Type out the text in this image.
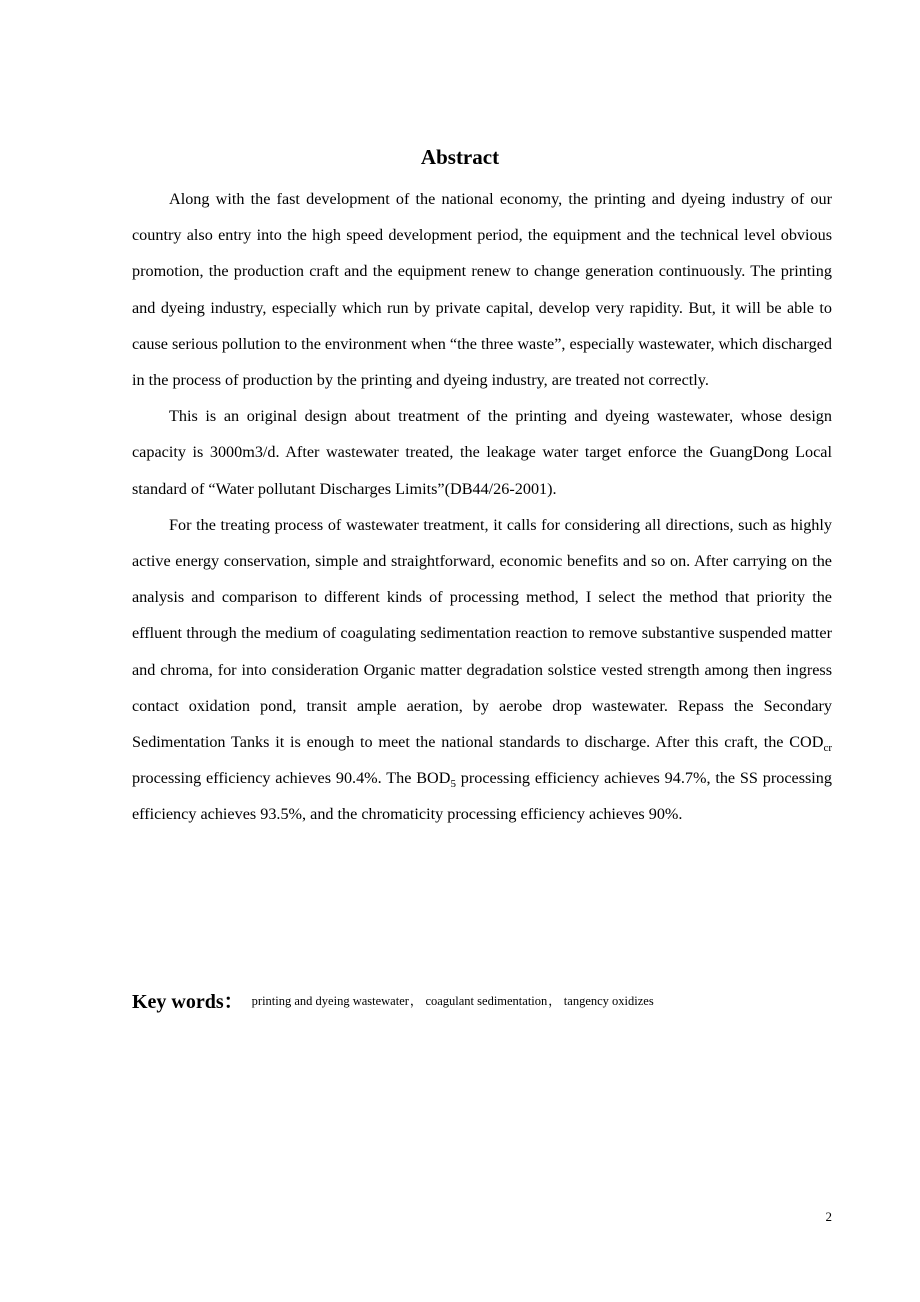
Abstract

Along with the fast development of the national economy, the printing and dyeing industry of our country also entry into the high speed development period, the equipment and the technical level obvious promotion, the production craft and the equipment renew to change generation continuously. The printing and dyeing industry, especially which run by private capital, develop very rapidity. But, it will be able to cause serious pollution to the environment when “the three waste”, especially wastewater, which discharged in the process of production by the printing and dyeing industry, are treated not correctly.

This is an original design about treatment of the printing and dyeing wastewater, whose design capacity is 3000m3/d. After wastewater treated, the leakage water target enforce the GuangDong Local standard of “Water pollutant Discharges Limits”(DB44/26-2001).

For the treating process of wastewater treatment, it calls for considering all directions, such as highly active energy conservation, simple and straightforward, economic benefits and so on. After carrying on the analysis and comparison to different kinds of processing method, I select the method that priority the effluent through the medium of coagulating sedimentation reaction to remove substantive suspended matter and chroma, for into consideration Organic matter degradation solstice vested strength among then ingress contact oxidation pond, transit ample aeration, by aerobe drop wastewater. Repass the Secondary Sedimentation Tanks it is enough to meet the national standards to discharge. After this craft, the $COD_{cr}$ processing efficiency achieves 90.4%. The $BOD_5$ processing efficiency achieves 94.7%, the SS processing efficiency achieves 93.5%, and the chromaticity processing efficiency achieves 90%.

Key words： printing and dyeing wastewater， coagulant sedimentation， tangency oxidizes
2
